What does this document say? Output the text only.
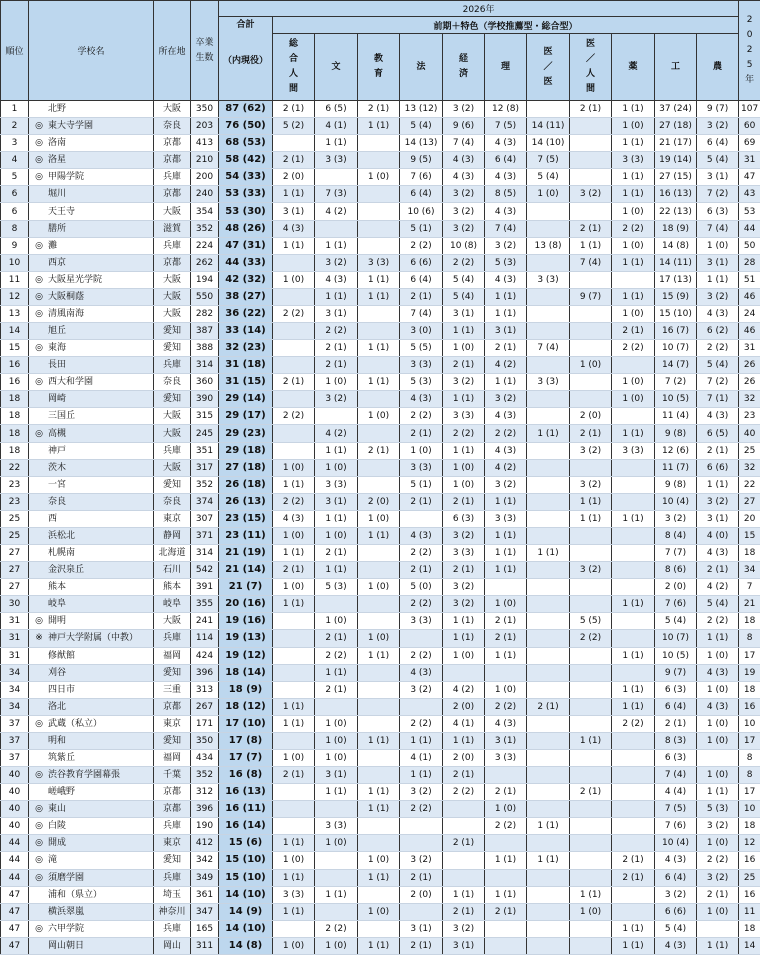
順位	学校名	所在地	卒業生数	2026年												2025年

				合計
（内現役）	前期＋特色（学校推薦型・総合型）											
					総合人間	文	教育	法	経済	理	医／医	医／人間	薬	工	農	
1	北野	大阪	350	87 (62)	2 (1)	6 (5)	2 (1)	13 (12)	3 (2)	12 (8)		2 (1)	1 (1)	37 (24)	9 (7)	107
2	◎ 東大寺学園	奈良	203	76 (50)	5 (2)	4 (1)	1 (1)	5 (4)	9 (6)	7 (5)	14 (11)		1 (0)	27 (18)	3 (2)	60
3	◎ 洛南	京都	413	68 (53)		1 (1)		14 (13)	7 (4)	4 (3)	14 (10)		1 (1)	21 (17)	6 (4)	69
4	◎ 洛星	京都	210	58 (42)	2 (1)	3 (3)		9 (5)	4 (3)	6 (4)	7 (5)		3 (3)	19 (14)	5 (4)	31
5	◎ 甲陽学院	兵庫	200	54 (33)	2 (0)		1 (0)	7 (6)	4 (3)	4 (3)	5 (4)		1 (1)	27 (15)	3 (1)	47
6	堀川	京都	240	53 (33)	1 (1)	7 (3)		6 (4)	3 (2)	8 (5)	1 (0)	3 (2)	1 (1)	16 (13)	7 (2)	43
6	天王寺	大阪	354	53 (30)	3 (1)	4 (2)		10 (6)	3 (2)	4 (3)			1 (0)	22 (13)	6 (3)	53
8	膳所	滋賀	352	48 (26)	4 (3)			5 (1)	3 (2)	7 (4)		2 (1)	2 (2)	18 (9)	7 (4)	44
9	◎ 灘	兵庫	224	47 (31)	1 (1)	1 (1)		2 (2)	10 (8)	3 (2)	13 (8)	1 (1)	1 (0)	14 (8)	1 (0)	50
10	西京	京都	262	44 (33)		3 (2)	3 (3)	6 (6)	2 (2)	5 (3)		7 (4)	1 (1)	14 (11)	3 (1)	28
11	◎ 大阪星光学院	大阪	194	42 (32)	1 (0)	4 (3)	1 (1)	6 (4)	5 (4)	4 (3)	3 (3)			17 (13)	1 (1)	51
12	◎ 大阪桐蔭	大阪	550	38 (27)		1 (1)	1 (1)	2 (1)	5 (4)	1 (1)		9 (7)	1 (1)	15 (9)	3 (2)	46
13	◎ 清風南海	大阪	282	36 (22)	2 (2)	3 (1)		7 (4)	3 (1)	1 (1)			1 (0)	15 (10)	4 (3)	24
14	旭丘	愛知	387	33 (14)		2 (2)		3 (0)	1 (1)	3 (1)			2 (1)	16 (7)	6 (2)	46
15	◎ 東海	愛知	388	32 (23)		2 (1)	1 (1)	5 (5)	1 (0)	2 (1)	7 (4)		2 (2)	10 (7)	2 (2)	31
16	長田	兵庫	314	31 (18)		2 (1)		3 (3)	2 (1)	4 (2)		1 (0)		14 (7)	5 (4)	26
16	◎ 西大和学園	奈良	360	31 (15)	2 (1)	1 (0)	1 (1)	5 (3)	3 (2)	1 (1)	3 (3)		1 (0)	7 (2)	7 (2)	26
18	岡崎	愛知	390	29 (14)		3 (2)		4 (3)	1 (1)	3 (2)			1 (0)	10 (5)	7 (1)	32
18	三国丘	大阪	315	29 (17)	2 (2)		1 (0)	2 (2)	3 (3)	4 (3)		2 (0)		11 (4)	4 (3)	23
18	◎ 高槻	大阪	245	29 (23)		4 (2)		2 (1)	2 (2)	2 (2)	1 (1)	2 (1)	1 (1)	9 (8)	6 (5)	40
18	神戸	兵庫	351	29 (18)		1 (1)	2 (1)	1 (0)	1 (1)	4 (3)		3 (2)	3 (3)	12 (6)	2 (1)	25
22	茨木	大阪	317	27 (18)	1 (0)	1 (0)		3 (3)	1 (0)	4 (2)				11 (7)	6 (6)	32
23	一宮	愛知	352	26 (18)	1 (1)	3 (3)		5 (1)	1 (0)	3 (2)		3 (2)		9 (8)	1 (1)	22
23	奈良	奈良	374	26 (13)	2 (2)	3 (1)	2 (0)	2 (1)	2 (1)	1 (1)		1 (1)		10 (4)	3 (2)	27
25	西	東京	307	23 (15)	4 (3)	1 (1)	1 (0)		6 (3)	3 (3)		1 (1)	1 (1)	3 (2)	3 (1)	20
25	浜松北	静岡	371	23 (11)	1 (0)	1 (0)	1 (1)	4 (3)	3 (2)	1 (1)				8 (4)	4 (0)	15
27	札幌南	北海道	314	21 (19)	1 (1)	2 (1)		2 (2)	3 (3)	1 (1)	1 (1)			7 (7)	4 (3)	18
27	金沢泉丘	石川	542	21 (14)	2 (1)	1 (1)		2 (1)	2 (1)	1 (1)		3 (2)		8 (6)	2 (1)	34
27	熊本	熊本	391	21 (7)	1 (0)	5 (3)	1 (0)	5 (0)	3 (2)					2 (0)	4 (2)	7
30	岐阜	岐阜	355	20 (16)	1 (1)			2 (2)	3 (2)	1 (0)			1 (1)	7 (6)	5 (4)	21
31	◎ 開明	大阪	241	19 (16)		1 (0)		3 (3)	1 (1)	2 (1)		5 (5)		5 (4)	2 (2)	18
31	※ 神戸大学附属（中教）	兵庫	114	19 (13)		2 (1)	1 (0)		1 (1)	2 (1)		2 (2)		10 (7)	1 (1)	8
31	修猷館	福岡	424	19 (12)		2 (2)	1 (1)	2 (2)	1 (0)	1 (1)			1 (1)	10 (5)	1 (0)	17
34	刈谷	愛知	396	18 (14)		1 (1)		4 (3)						9 (7)	4 (3)	19
34	四日市	三重	313	18 (9)		2 (1)		3 (2)	4 (2)	1 (0)			1 (1)	6 (3)	1 (0)	18
34	洛北	京都	267	18 (12)	1 (1)				2 (0)	2 (2)	2 (1)		1 (1)	6 (4)	4 (3)	16
37	◎ 武蔵（私立）	東京	171	17 (10)	1 (1)	1 (0)		2 (2)	4 (1)	4 (3)			2 (2)	2 (1)	1 (0)	10
37	明和	愛知	350	17 (8)		1 (0)	1 (1)	1 (1)	1 (1)	3 (1)		1 (1)		8 (3)	1 (0)	17
37	筑紫丘	福岡	434	17 (7)	1 (0)	1 (0)		4 (1)	2 (0)	3 (3)				6 (3)		8
40	◎ 渋谷教育学園幕張	千葉	352	16 (8)	2 (1)	3 (1)		1 (1)	2 (1)					7 (4)	1 (0)	8
40	嵯峨野	京都	312	16 (13)		1 (1)	1 (1)	3 (2)	2 (2)	2 (1)		2 (1)		4 (4)	1 (1)	17
40	◎ 東山	京都	396	16 (11)			1 (1)	2 (2)		1 (0)				7 (5)	5 (3)	10
40	◎ 白陵	兵庫	190	16 (14)		3 (3)				2 (2)	1 (1)			7 (6)	3 (2)	18
44	◎ 開成	東京	412	15 (6)	1 (1)	1 (0)			2 (1)					10 (4)	1 (0)	12
44	◎ 滝	愛知	342	15 (10)	1 (0)		1 (0)	3 (2)		1 (1)	1 (1)		2 (1)	4 (3)	2 (2)	16
44	◎ 須磨学園	兵庫	349	15 (10)	1 (1)		1 (1)	2 (1)					2 (1)	6 (4)	3 (2)	25
47	浦和（県立）	埼玉	361	14 (10)	3 (3)	1 (1)		2 (0)	1 (1)	1 (1)		1 (1)		3 (2)	2 (1)	16
47	横浜翠嵐	神奈川	347	14 (9)	1 (1)		1 (0)		2 (1)	2 (1)		1 (0)		6 (6)	1 (0)	11
47	◎ 六甲学院	兵庫	165	14 (10)		2 (2)		3 (1)	3 (2)				1 (1)	5 (4)		18
47	岡山朝日	岡山	311	14 (8)	1 (0)	1 (0)	1 (1)	2 (1)	3 (1)				1 (1)	4 (3)	1 (1)	14
